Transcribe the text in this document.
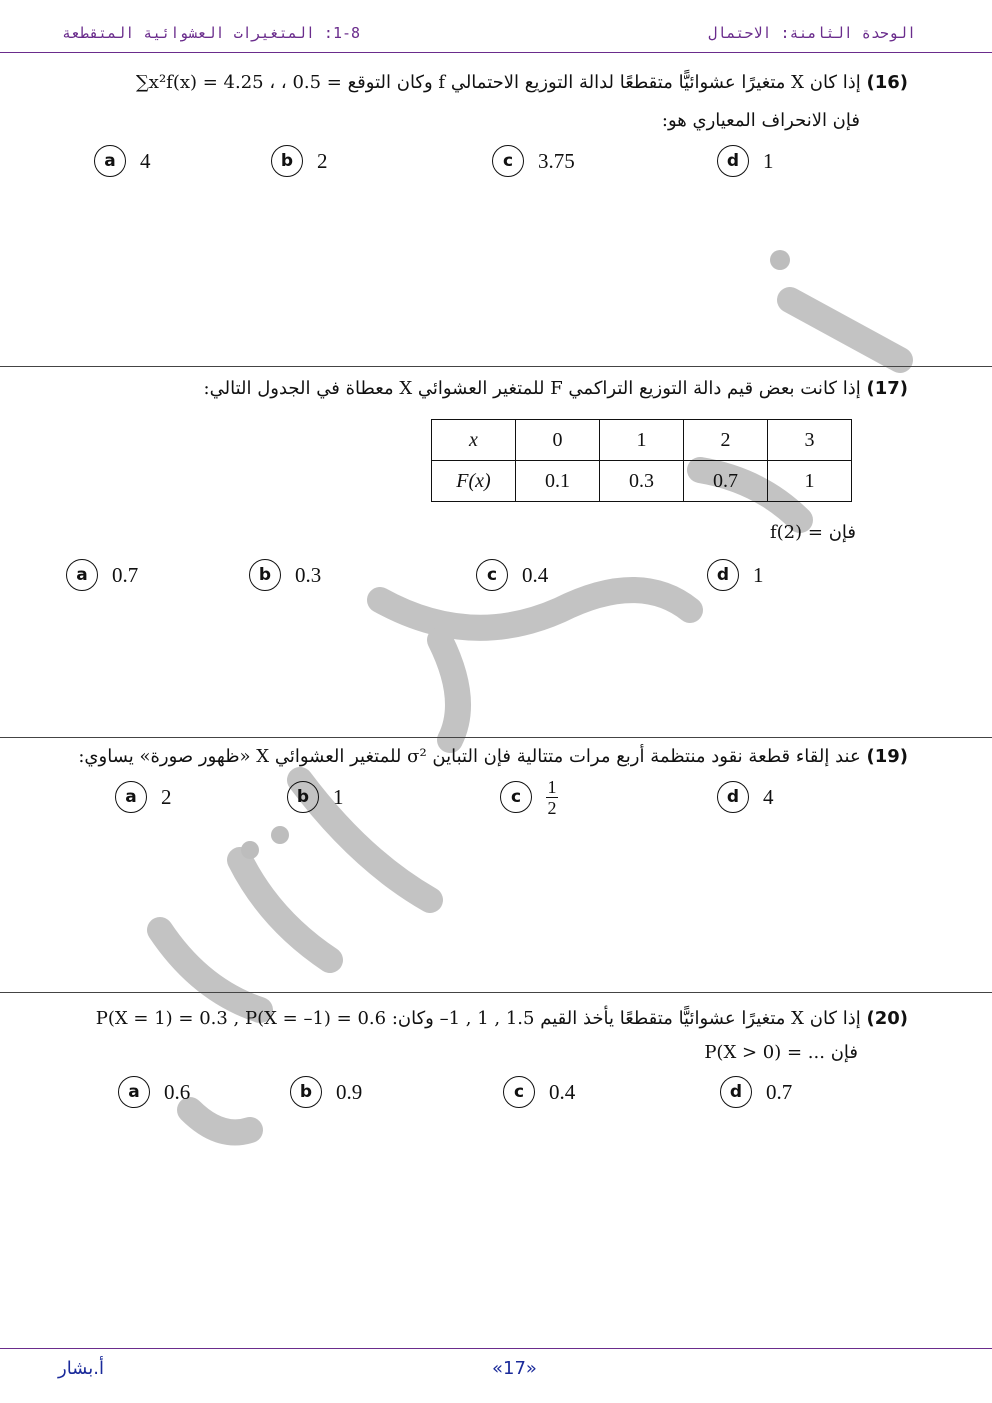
الوحدة الثامنة: الاحتمال
1-8: المتغيرات العشوائية المتقطعة
(16) إذا كان X متغيرًا عشوائيًّا متقطعًا لدالة التوزيع الاحتمالي f وكان التوقع = 0.5 ، ∑x²f(x) = 4.25 ،
فإن الانحراف المعياري هو:
a	4	b	2	c	3.75	d	1
(17) إذا كانت بعض قيم دالة التوزيع التراكمي F للمتغير العشوائي X معطاة في الجدول التالي:
x	0	1	2	3
F(x)	0.1	0.3	0.7	1
فإن f(2) =
a	0.7	b	0.3	c	0.4	d	1
(19) عند إلقاء قطعة نقود منتظمة أربع مرات متتالية فإن التباين σ² للمتغير العشوائي X «ظهور صورة» يساوي:
a	2	b	1	c	$\frac{1}{2}$	d	4
(20) إذا كان X متغيرًا عشوائيًّا متقطعًا يأخذ القيم 1.5 , 1 , 1– وكان: P(X = 1) = 0.3 , P(X = –1) = 0.6
فإن P(X > 0) = ...
a	0.6	b	0.9	c	0.4	d	0.7
أ.بشار	«17»
